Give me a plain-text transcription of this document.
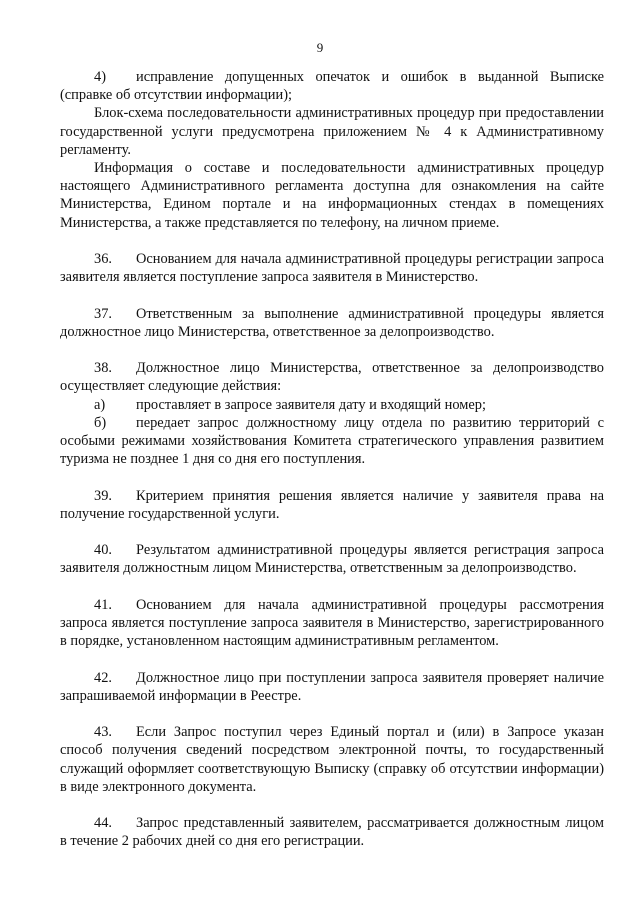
9

4) исправление допущенных опечаток и ошибок в выданной Выписке (справке об отсутствии информации);

Блок-схема последовательности административных процедур при предоставлении государственной услуги предусмотрена приложением № 4 к Административному регламенту.

Информация о составе и последовательности административных процедур настоящего Административного регламента доступна для ознакомления на сайте Министерства, Едином портале и на информационных стендах в помещениях Министерства, а также представляется по телефону, на личном приеме.

36. Основанием для начала административной процедуры регистрации запроса заявителя является поступление запроса заявителя в Министерство.

37. Ответственным за выполнение административной процедуры является должностное лицо Министерства, ответственное за делопроизводство.

38. Должностное лицо Министерства, ответственное за делопроизводство осуществляет следующие действия:

а) проставляет в запросе заявителя дату и входящий номер;

б) передает запрос должностному лицу отдела по развитию территорий с особыми режимами хозяйствования Комитета стратегического управления развитием туризма не позднее 1 дня со дня его поступления.

39. Критерием принятия решения является наличие у заявителя права на получение государственной услуги.

40. Результатом административной процедуры является регистрация запроса заявителя должностным лицом Министерства, ответственным за делопроизводство.

41. Основанием для начала административной процедуры рассмотрения запроса является поступление запроса заявителя в Министерство, зарегистрированного в порядке, установленном настоящим административным регламентом.

42. Должностное лицо при поступлении запроса заявителя проверяет наличие запрашиваемой информации в Реестре.

43. Если Запрос поступил через Единый портал и (или) в Запросе указан способ получения сведений посредством электронной почты, то государственный служащий оформляет соответствующую Выписку (справку об отсутствии информации) в виде электронного документа.

44. Запрос представленный заявителем, рассматривается должностным лицом в течение 2 рабочих дней со дня его регистрации.
